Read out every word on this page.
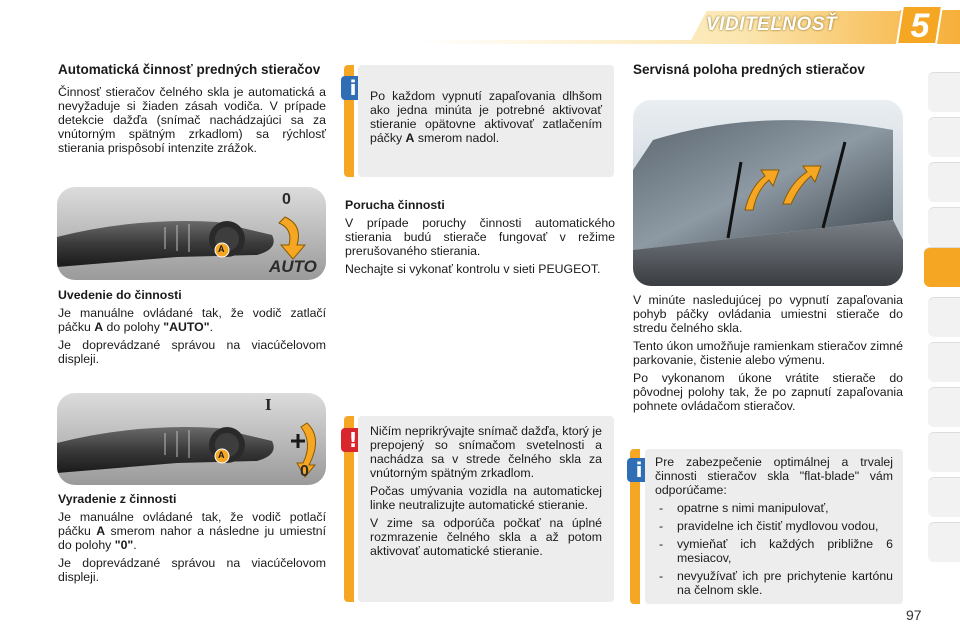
VIDITEĽNOSŤ	5
Automatická činnosť predných stieračov

Činnosť stieračov čelného skla je automatická a nevyžaduje si žiaden zásah vodiča. V prípade detekcie dažďa (snímač nachádzajúci sa za vnútorným spätným zrkadlom) sa rýchlosť stierania prispôsobí intenzite zrážok.

0
AUTO
A
Uvedenie do činnosti

Je manuálne ovládané tak, že vodič zatlačí páčku A do polohy "AUTO".

Je doprevádzané správou na viacúčelovom displeji.

I
0
A
Vyradenie z činnosti

Je manuálne ovládané tak, že vodič potlačí páčku A smerom nahor a následne ju umiestní do polohy "0".

Je doprevádzané správou na viacúčelovom displeji.

i	Po každom vypnutí zapaľovania dlhšom ako jedna minúta je potrebné aktivovať stieranie opätovne aktivovať zatlačením páčky A smerom nadol.

Porucha činnosti

V prípade poruchy činnosti automatického stierania budú stierače fungovať v režime prerušovaného stierania.

Nechajte si vykonať kontrolu v sieti PEUGEOT.

!	Ničím neprikrývajte snímač dažďa, ktorý je prepojený so snímačom svetelnosti a nachádza sa v strede čelného skla za vnútorným spätným zrkadlom.

Počas umývania vozidla na automatickej linke neutralizujte automatické stieranie.

V zime sa odporúča počkať na úplné rozmrazenie čelného skla a až potom aktivovať automatické stieranie.

Servisná poloha predných stieračov

V minúte nasledujúcej po vypnutí zapaľovania pohyb páčky ovládania umiestni stierače do stredu čelného skla.

Tento úkon umožňuje ramienkam stieračov zimné parkovanie, čistenie alebo výmenu.

Po vykonanom úkone vrátite stierače do pôvodnej polohy tak, že po zapnutí zapaľovania pohnete ovládačom stieračov.

i	Pre zabezpečenie optimálnej a trvalej činnosti stieračov skla "flat-blade" vám odporúčame:

- opatrne s nimi manipulovať,
- pravidelne ich čistiť mydlovou vodou,
- vymieňať ich každých približne 6 mesiacov,
- nevyužívať ich pre prichytenie kartónu na čelnom skle.
97
